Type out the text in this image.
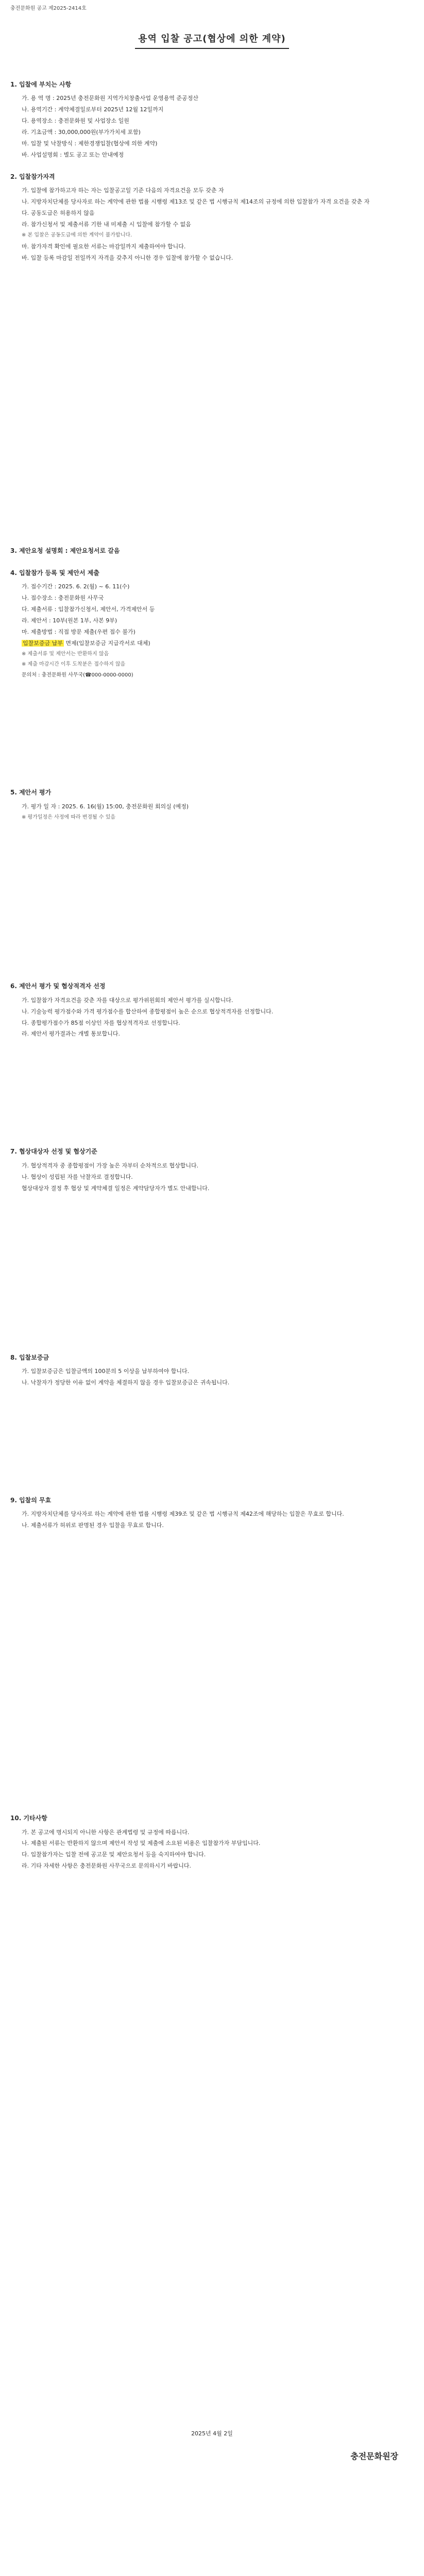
충전문화원 공고 제2025-2414호
용역 입찰 공고(협상에 의한 계약)
1. 입찰에 부치는 사항
가. 용 역 명 : 2025년 충전문화원 지역가치창출사업 운영용역 준공정산
나. 용역기간 : 계약체결일로부터 2025년 12월 12일까지
다. 용역장소 : 충전문화원 및 사업장소 일원
라. 기초금액 : 30,000,000원(부가가치세 포함)
마. 입찰 및 낙찰방식 : 제한경쟁입찰(협상에 의한 계약)
바. 사업설명회 : 별도 공고 또는 안내예정
2. 입찰참가자격
가. 입찰에 참가하고자 하는 자는 입찰공고일 기준 다음의 자격요건을 모두 갖춘 자
나. 지방자치단체를 당사자로 하는 계약에 관한 법률 시행령 제13조 및 같은 법 시행규칙 제14조의 규정에 의한 입찰참가 자격 요건을 갖춘 자
다. 공동도급은 허용하지 않음
라. 참가신청서 및 제출서류 기한 내 미제출 시 입찰에 참가할 수 없음
※ 본 입찰은 공동도급에 의한 계약이 불가합니다.
마. 참가자격 확인에 필요한 서류는 마감일까지 제출하여야 합니다.
바. 입찰 등록 마감일 전일까지 자격을 갖추지 아니한 경우 입찰에 참가할 수 없습니다.
3. 제안요청 설명회 : 제안요청서로 갈음
4. 입찰참가 등록 및 제안서 제출
가. 접수기간 : 2025. 6. 2(월) ~ 6. 11(수)
나. 접수장소 : 충전문화원 사무국
다. 제출서류 : 입찰참가신청서, 제안서, 가격제안서 등
라. 제안서 : 10부(원본 1부, 사본 9부)
마. 제출방법 : 직접 방문 제출(우편 접수 불가)
입찰보증금 납부 면제(입찰보증금 지급각서로 대체)
※ 제출서류 및 제안서는 반환하지 않음
※ 제출 마감시간 이후 도착분은 접수하지 않음
문의처 : 충전문화원 사무국(☎000-0000-0000)
5. 제안서 평가
가. 평가 일 자 : 2025. 6. 16(월) 15:00, 충전문화원 회의실 (예정)
※ 평가일정은 사정에 따라 변경될 수 있음
6. 제안서 평가 및 협상적격자 선정
가. 입찰참가 자격요건을 갖춘 자를 대상으로 평가위원회의 제안서 평가를 실시합니다.
나. 기술능력 평가점수와 가격 평가점수를 합산하여 종합평점이 높은 순으로 협상적격자를 선정합니다.
다. 종합평가점수가 85점 이상인 자를 협상적격자로 선정합니다.
라. 제안서 평가결과는 개별 통보합니다.
7. 협상대상자 선정 및 협상기준
가. 협상적격자 중 종합평점이 가장 높은 자부터 순차적으로 협상합니다.
나. 협상이 성립된 자를 낙찰자로 결정합니다.
협상대상자 결정 후 협상 및 계약체결 일정은 계약담당자가 별도 안내합니다.
8. 입찰보증금
가. 입찰보증금은 입찰금액의 100분의 5 이상을 납부하여야 합니다.
나. 낙찰자가 정당한 이유 없이 계약을 체결하지 않을 경우 입찰보증금은 귀속됩니다.
9. 입찰의 무효
가. 지방자치단체를 당사자로 하는 계약에 관한 법률 시행령 제39조 및 같은 법 시행규칙 제42조에 해당하는 입찰은 무효로 합니다.
나. 제출서류가 허위로 판명된 경우 입찰을 무효로 합니다.
10. 기타사항
가. 본 공고에 명시되지 아니한 사항은 관계법령 및 규정에 따릅니다.
나. 제출된 서류는 반환하지 않으며 제안서 작성 및 제출에 소요된 비용은 입찰참가자 부담입니다.
다. 입찰참가자는 입찰 전에 공고문 및 제안요청서 등을 숙지하여야 합니다.
라. 기타 자세한 사항은 충전문화원 사무국으로 문의하시기 바랍니다.
2025년 4월 2일
충전문화원장
